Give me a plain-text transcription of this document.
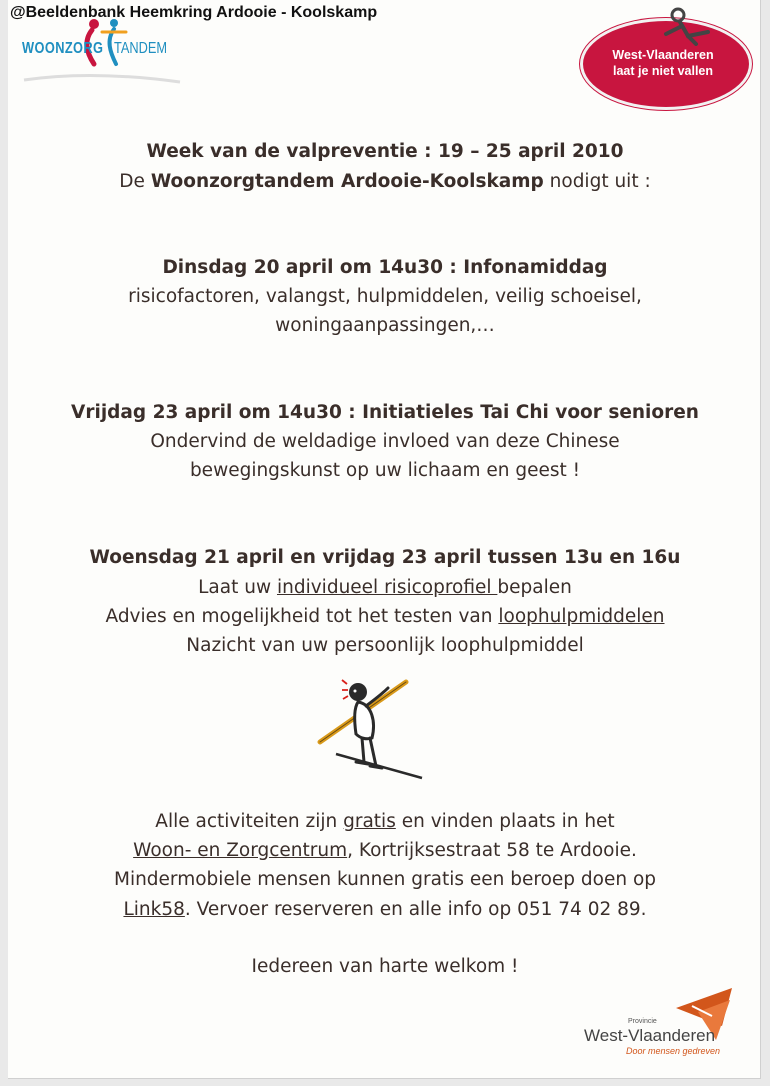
@Beeldenbank Heemkring Ardooie - Koolskamp
WOONZORG TANDEM	West-Vlaanderen
laat je niet vallen
Week van de valpreventie : 19 – 25 april 2010
De Woonzorgtandem Ardooie-Koolskamp nodigt uit :
Dinsdag 20 april om 14u30 : Infonamiddag
risicofactoren, valangst, hulpmiddelen, veilig schoeisel,
woningaanpassingen,…
Vrijdag 23 april om 14u30 : Initiatieles Tai Chi voor senioren
Ondervind de weldadige invloed van deze Chinese
bewegingskunst op uw lichaam en geest !
Woensdag 21 april en vrijdag 23 april tussen 13u en 16u
Laat uw individueel risicoprofiel bepalen
Advies en mogelijkheid tot het testen van loophulpmiddelen
Nazicht van uw persoonlijk loophulpmiddel
Alle activiteiten zijn gratis en vinden plaats in het
Woon- en Zorgcentrum, Kortrijksestraat 58 te Ardooie.
Mindermobiele mensen kunnen gratis een beroep doen op
Link58. Vervoer reserveren en alle info op 051 74 02 89.
Iedereen van harte welkom !
Provincie
West-Vlaanderen
Door mensen gedreven
